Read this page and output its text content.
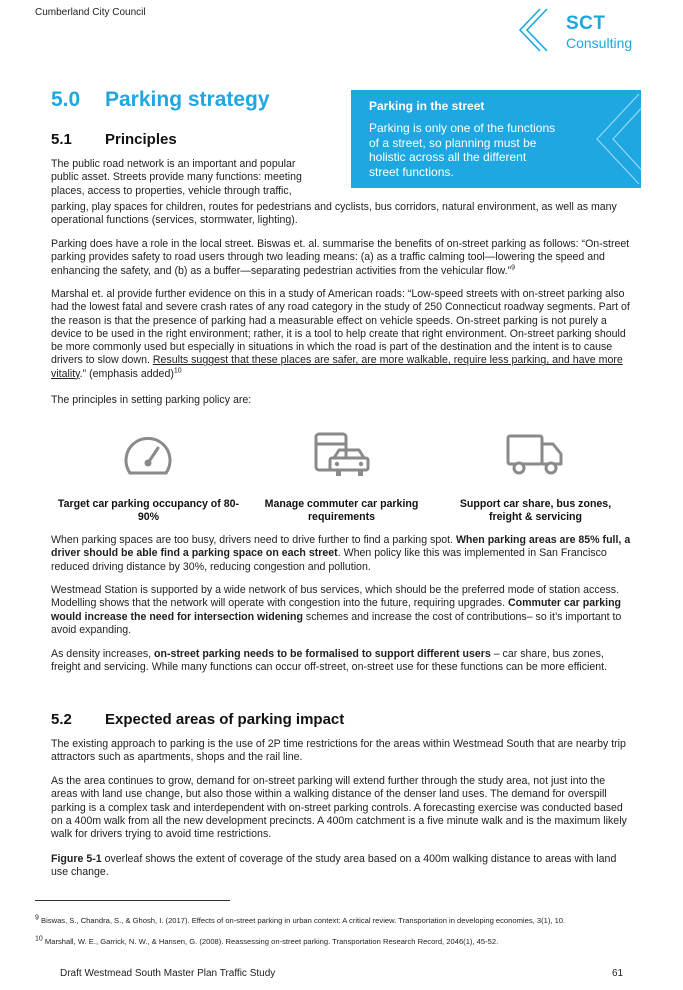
Cumberland City Council
SCT
Consulting
5.0 Parking strategy	Parking in the street
Parking is only one of the functions of a street, so planning must be holistic across all the different street functions.
5.1 Principles
The public road network is an important and popular public asset. Streets provide many functions: meeting places, access to properties, vehicle through traffic,
parking, play spaces for children, routes for pedestrians and cyclists, bus corridors, natural environment, as well as many operational functions (services, stormwater, lighting).
Parking does have a role in the local street. Biswas et. al. summarise the benefits of on-street parking as follows: “On-street parking provides safety to road users through two leading means: (a) as a traffic calming tool—lowering the speed and enhancing the safety, and (b) as a buffer—separating pedestrian activities from the vehicular flow.”$^9$
Marshal et. al provide further evidence on this in a study of American roads: “Low-speed streets with on-street parking also had the lowest fatal and severe crash rates of any road category in the study of 250 Connecticut roadway segments. Part of the reason is that the presence of parking had a measurable effect on vehicle speeds. On-street parking is not purely a device to be used in the right environment; rather, it is a tool to help create that right environment. On-street parking should be more commonly used but especially in situations in which the road is part of the destination and the intent is to cause drivers to slow down. Results suggest that these places are safer, are more walkable, require less parking, and have more vitality.” (emphasis added)$^{10}$
The principles in setting parking policy are:
Target car parking occupancy of 80-90%
Manage commuter car parking requirements
Support car share, bus zones, freight & servicing
When parking spaces are too busy, drivers need to drive further to find a parking spot. When parking areas are 85% full, a driver should be able find a parking space on each street. When policy like this was implemented in San Francisco reduced driving distance by 30%, reducing congestion and pollution.
Westmead Station is supported by a wide network of bus services, which should be the preferred mode of station access. Modelling shows that the network will operate with congestion into the future, requiring upgrades. Commuter car parking would increase the need for intersection widening schemes and increase the cost of contributions– so it’s important to avoid expanding.
As density increases, on-street parking needs to be formalised to support different users – car share, bus zones, freight and servicing. While many functions can occur off-street, on-street use for these functions can be more efficient.
5.2 Expected areas of parking impact
The existing approach to parking is the use of 2P time restrictions for the areas within Westmead South that are nearby trip attractors such as apartments, shops and the rail line.
As the area continues to grow, demand for on-street parking will extend further through the study area, not just into the areas with land use change, but also those within a walking distance of the denser land uses. The demand for overspill parking is a complex task and interdependent with on-street parking controls. A forecasting exercise was conducted based on a 400m walk from all the new development precincts. A 400m catchment is a five minute walk and is the maximum likely walk for drivers trying to avoid time restrictions.
Figure 5-1 overleaf shows the extent of coverage of the study area based on a 400m walking distance to areas with land use change.
$^9$ Biswas, S., Chandra, S., & Ghosh, I. (2017). Effects of on-street parking in urban context: A critical review. Transportation in developing economies, 3(1), 10.
$^{10}$ Marshall, W. E., Garrick, N. W., & Hansen, G. (2008). Reassessing on-street parking. Transportation Research Record, 2046(1), 45-52.
Draft Westmead South Master Plan Traffic Study	61
